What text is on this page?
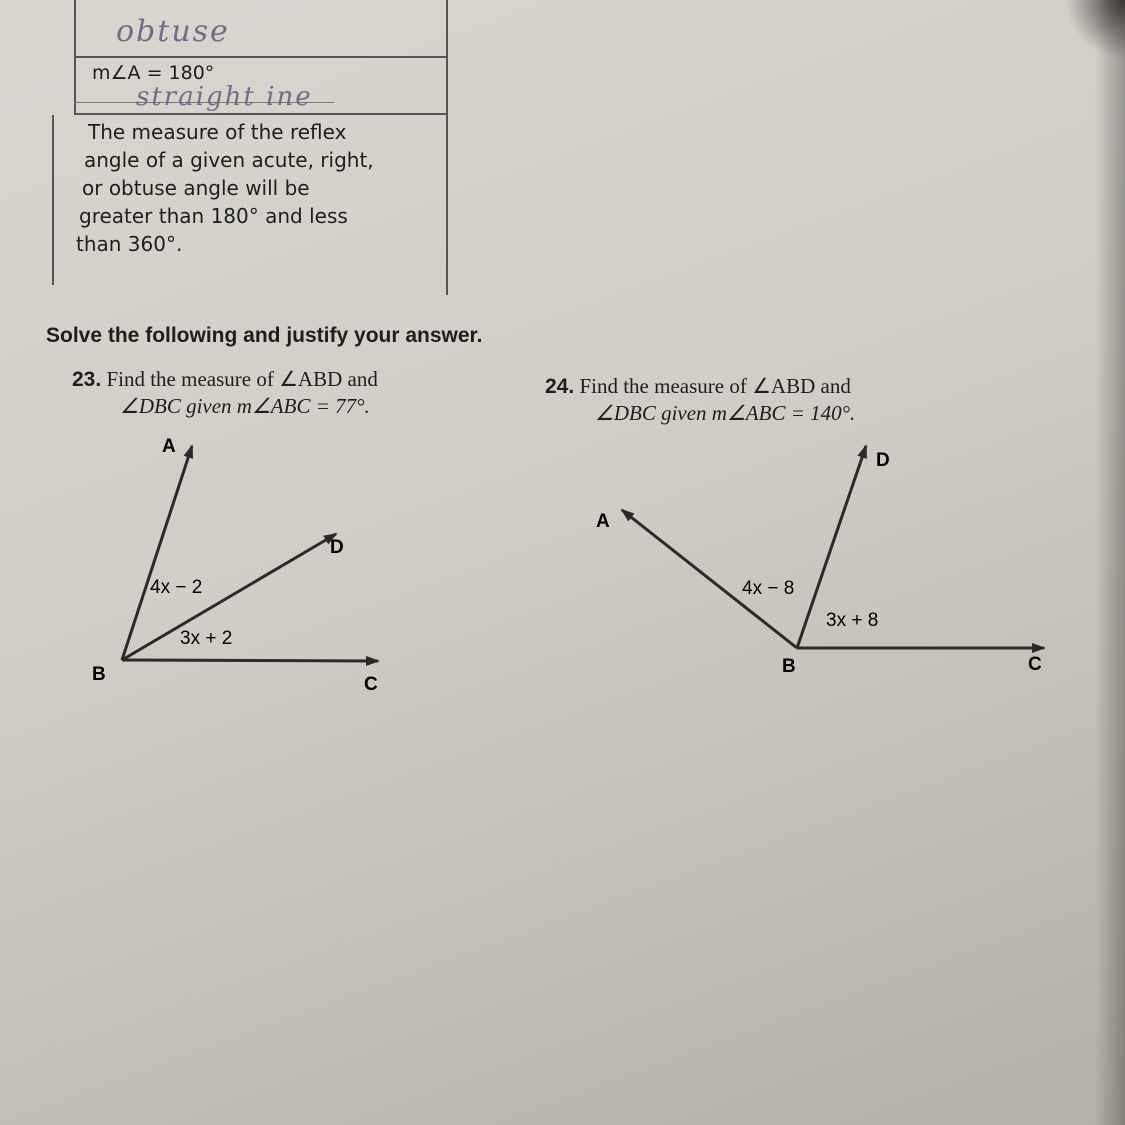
obtuse
m∠A = 180°
straight ine
The measure of the reflex
angle of a given acute, right,
or obtuse angle will be
greater than 180° and less
than 360°.
Solve the following and justify your answer.
23. Find the measure of ∠ABD and
∠DBC given m∠ABC = 77°.
24. Find the measure of ∠ABD and
∠DBC given m∠ABC = 140°.
A
B	C
D
4x − 2
3x + 2
A
B	C
D
4x − 8
3x + 8
